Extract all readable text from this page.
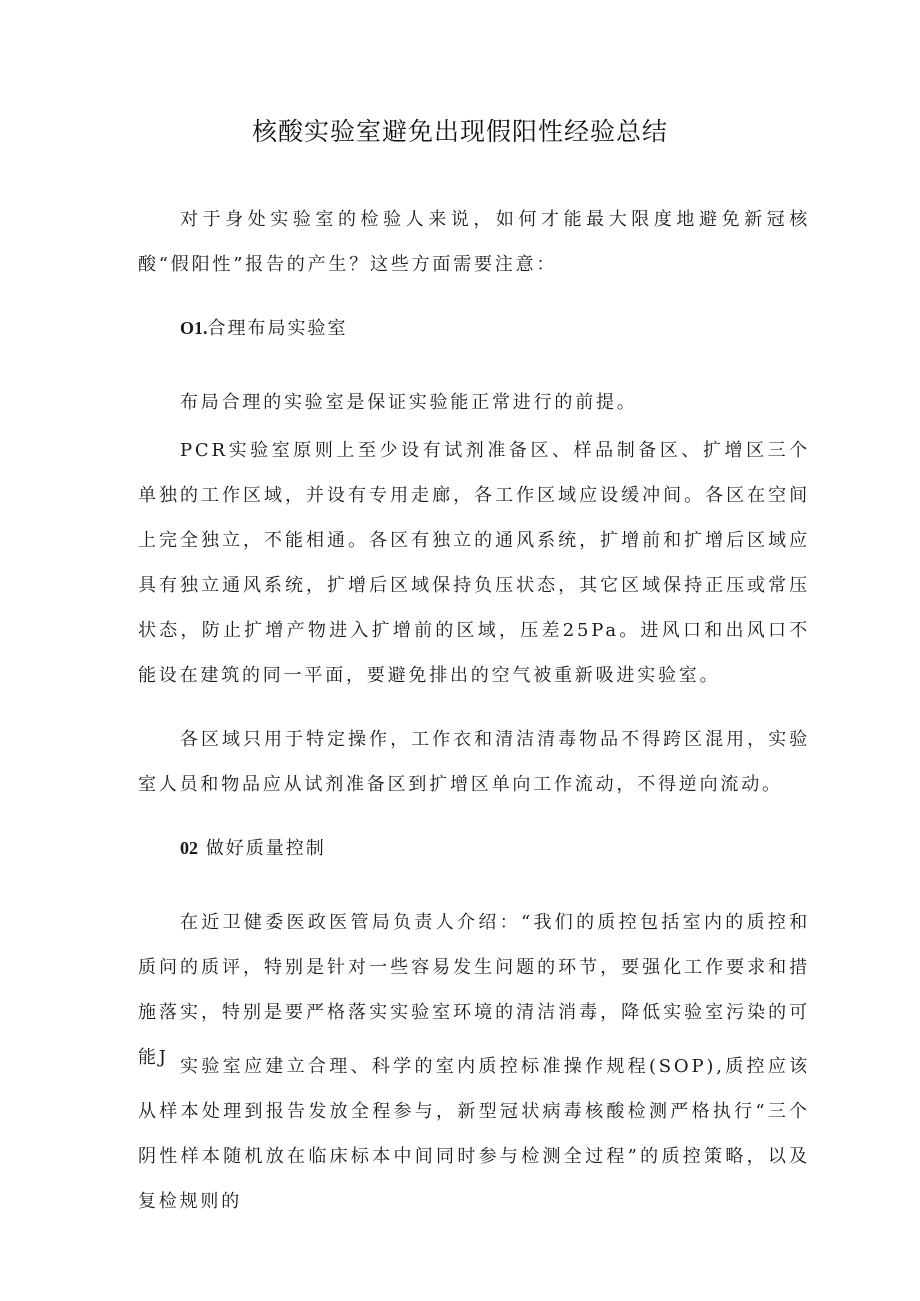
核酸实验室避免出现假阳性经验总结

对于身处实验室的检验人来说，如何才能最大限度地避免新冠核酸“假阳性”报告的产生？这些方面需要注意：

O1.合理布局实验室

布局合理的实验室是保证实验能正常进行的前提。

PCR实验室原则上至少设有试剂准备区、样品制备区、扩增区三个单独的工作区域，并设有专用走廊，各工作区域应设缓冲间。各区在空间上完全独立，不能相通。各区有独立的通风系统，扩增前和扩增后区域应具有独立通风系统，扩增后区域保持负压状态，其它区域保持正压或常压状态，防止扩增产物进入扩增前的区域，压差25Pa。进风口和出风口不能设在建筑的同一平面，要避免排出的空气被重新吸进实验室。

各区域只用于特定操作，工作衣和清洁清毒物品不得跨区混用，实验室人员和物品应从试剂准备区到扩增区单向工作流动，不得逆向流动。

02 做好质量控制

在近卫健委医政医管局负责人介绍：“我们的质控包括室内的质控和质问的质评，特别是针对一些容易发生问题的环节，要强化工作要求和措施落实，特别是要严格落实实验室环境的清洁消毒，降低实验室污染的可能J 实验室应建立合理、科学的室内质控标准操作规程(SOP),质控应该从样本处理到报告发放全程参与，新型冠状病毒核酸检测严格执行“三个阴性样本随机放在临床标本中间同时参与检测全过程”的质控策略，以及复检规则的
